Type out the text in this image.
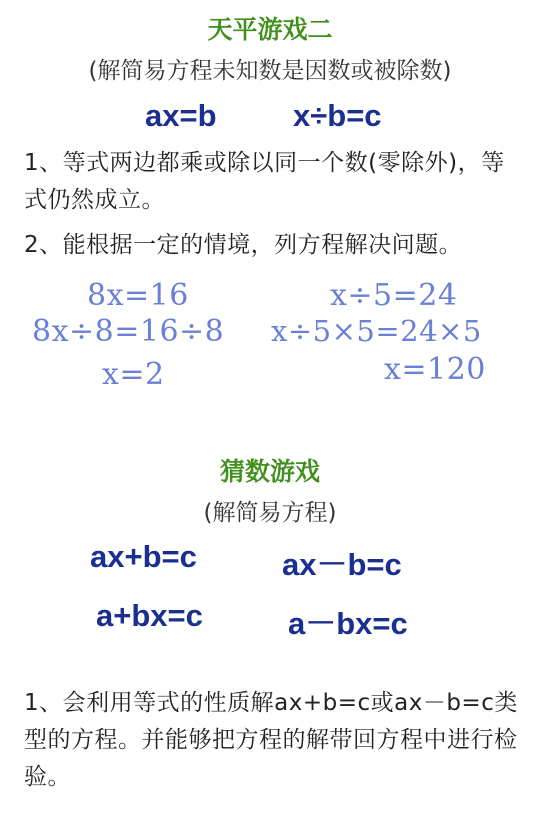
天平游戏二
(解简易方程未知数是因数或被除数)
ax=b x÷b=c
1、等式两边都乘或除以同一个数(零除外)，等式仍然成立。
2、能根据一定的情境，列方程解决问题。
8x=16
8x÷8=16÷8
x=2
x÷5=24
x÷5×5=24×5
x=120
猜数游戏
(解简易方程)
ax+b=c	ax－b=c
a+bx=c	a－bx=c
1、会利用等式的性质解ax+b=c或ax－b=c类型的方程。并能够把方程的解带回方程中进行检验。
